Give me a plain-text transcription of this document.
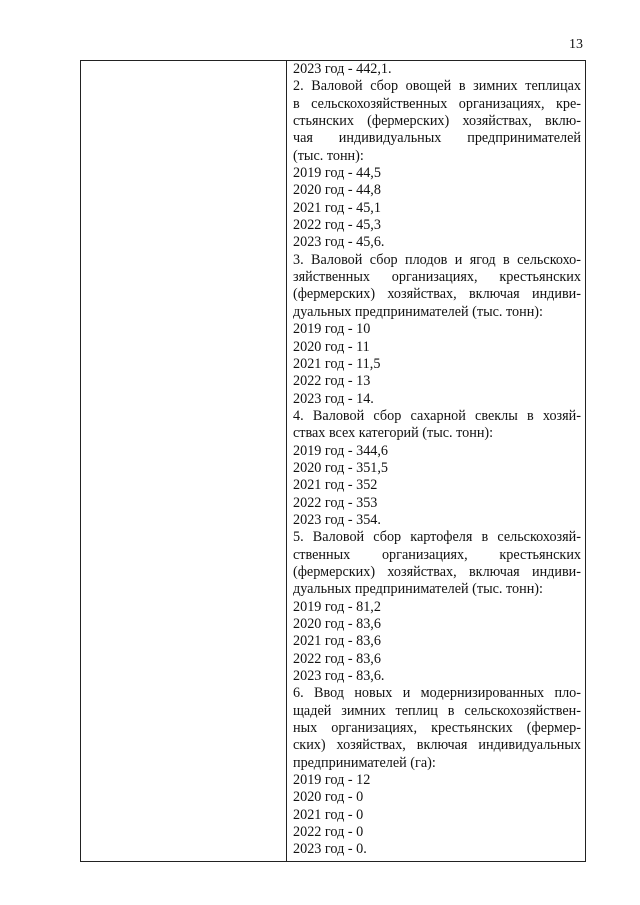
13
2023 год - 442,1.
2. Валовой сбор овощей в зимних теплицах
в сельскохозяйственных организациях, кре-
стьянских (фермерских) хозяйствах, вклю-
чая индивидуальных предпринимателей
(тыс. тонн):
2019 год - 44,5
2020 год - 44,8
2021 год - 45,1
2022 год - 45,3
2023 год - 45,6.
3. Валовой сбор плодов и ягод в сельскохо-
зяйственных организациях, крестьянских
(фермерских) хозяйствах, включая индиви-
дуальных предпринимателей (тыс. тонн):
2019 год - 10
2020 год - 11
2021 год - 11,5
2022 год - 13
2023 год - 14.
4. Валовой сбор сахарной свеклы в хозяй-
ствах всех категорий (тыс. тонн):
2019 год - 344,6
2020 год - 351,5
2021 год - 352
2022 год - 353
2023 год - 354.
5. Валовой сбор картофеля в сельскохозяй-
ственных организациях, крестьянских
(фермерских) хозяйствах, включая индиви-
дуальных предпринимателей (тыс. тонн):
2019 год - 81,2
2020 год - 83,6
2021 год - 83,6
2022 год - 83,6
2023 год - 83,6.
6. Ввод новых и модернизированных пло-
щадей зимних теплиц в сельскохозяйствен-
ных организациях, крестьянских (фермер-
ских) хозяйствах, включая индивидуальных
предпринимателей (га):
2019 год - 12
2020 год - 0
2021 год - 0
2022 год - 0
2023 год - 0.
